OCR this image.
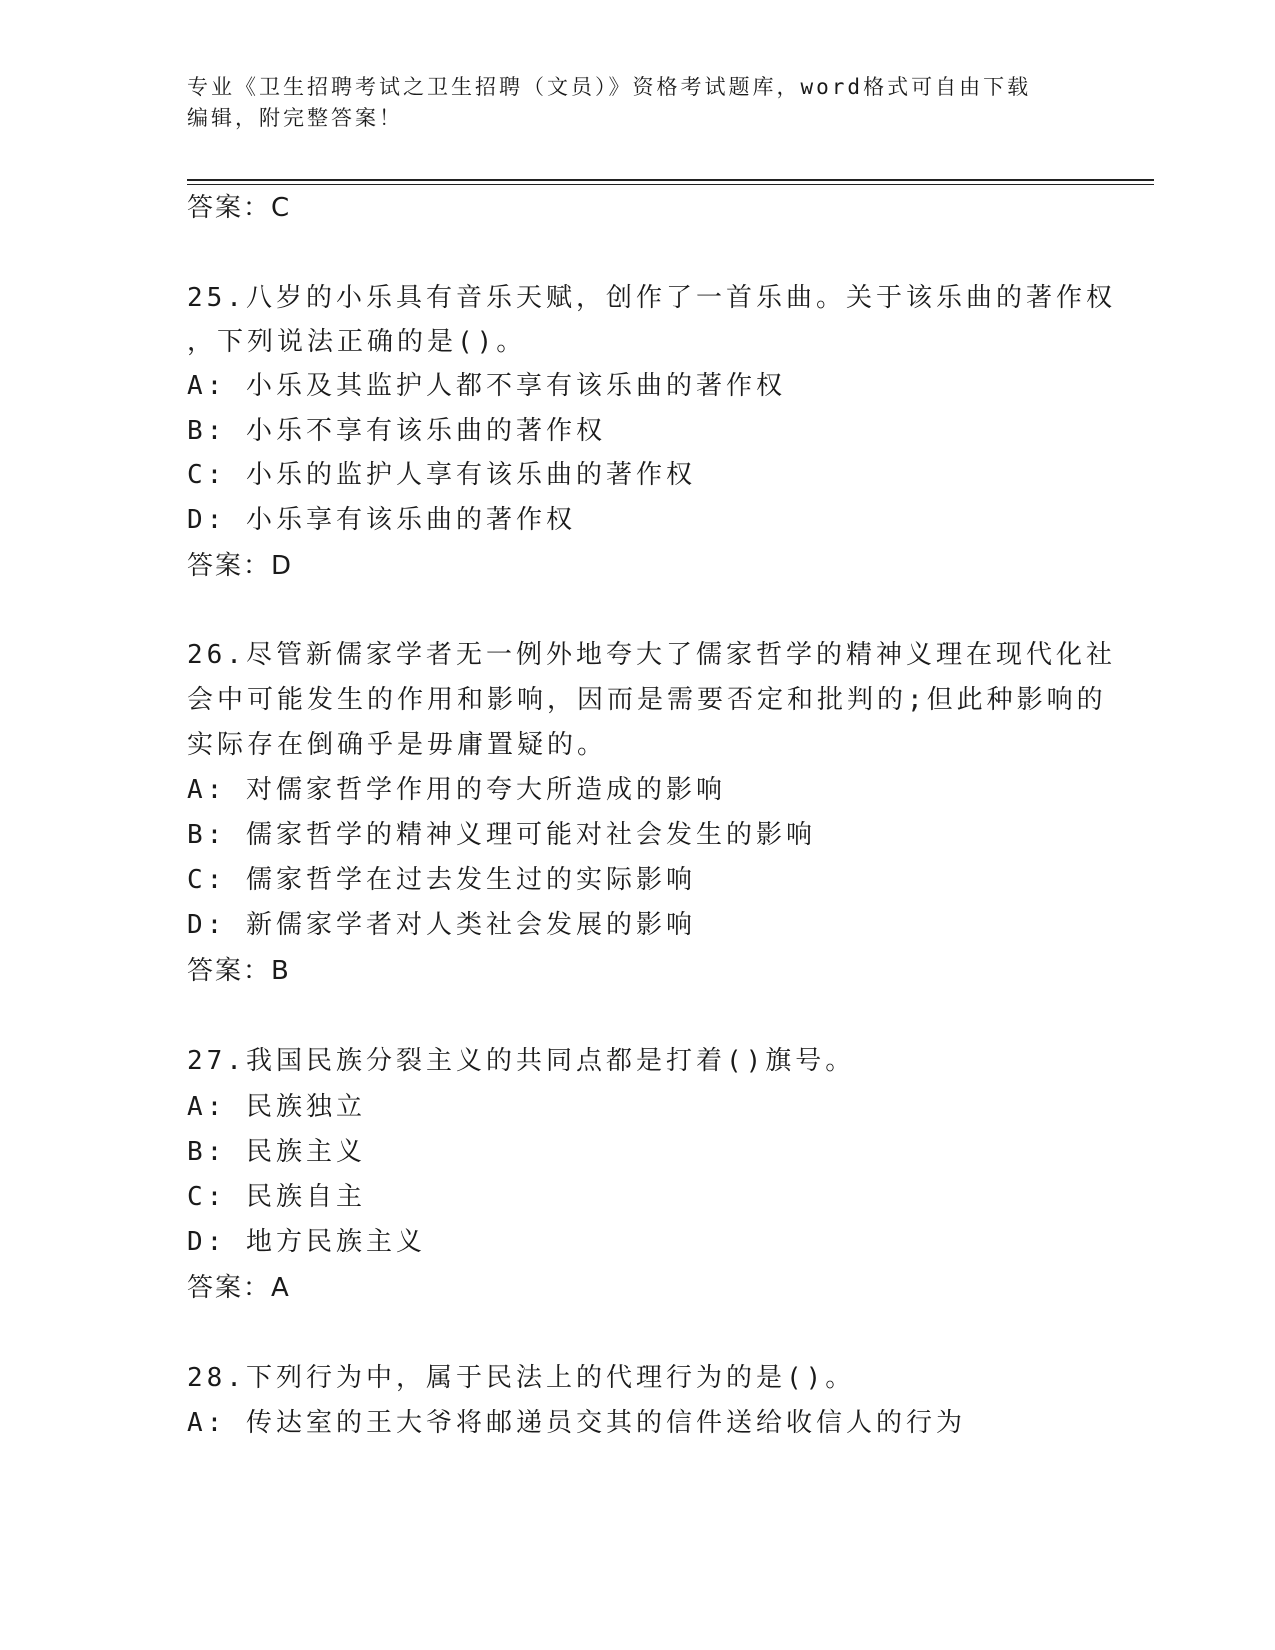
专业《卫生招聘考试之卫生招聘（文员）》资格考试题库，word格式可自由下载
编辑，附完整答案！
答案：C
25.八岁的小乐具有音乐天赋，创作了一首乐曲。关于该乐曲的著作权
，下列说法正确的是()。
A: 小乐及其监护人都不享有该乐曲的著作权
B: 小乐不享有该乐曲的著作权
C: 小乐的监护人享有该乐曲的著作权
D: 小乐享有该乐曲的著作权
答案：D
26.尽管新儒家学者无一例外地夸大了儒家哲学的精神义理在现代化社
会中可能发生的作用和影响，因而是需要否定和批判的;但此种影响的
实际存在倒确乎是毋庸置疑的。
A: 对儒家哲学作用的夸大所造成的影响
B: 儒家哲学的精神义理可能对社会发生的影响
C: 儒家哲学在过去发生过的实际影响
D: 新儒家学者对人类社会发展的影响
答案：B
27.我国民族分裂主义的共同点都是打着()旗号。
A: 民族独立
B: 民族主义
C: 民族自主
D: 地方民族主义
答案：A
28.下列行为中，属于民法上的代理行为的是()。
A: 传达室的王大爷将邮递员交其的信件送给收信人的行为
